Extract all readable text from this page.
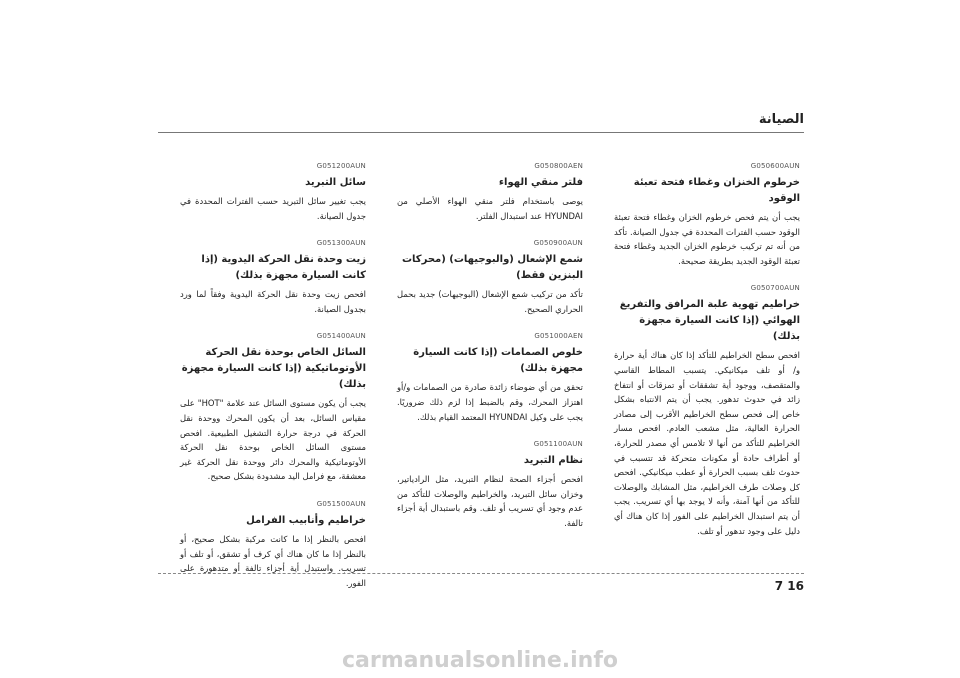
الصيانة
G050600AUN
خرطوم الخنزان وغطاء فتحة تعبئة الوقود
يجب أن يتم فحص خرطوم الخزان وغطاء فتحة تعبئة الوقود حسب الفترات المحددة في جدول الصيانة. تأكد من أنه تم تركيب خرطوم الخزان الجديد وغطاء فتحة تعبئة الوقود الجديد بطريقة صحيحة.
G050700AUN
خراطيم تهوية علبة المرافق والتفريغ الهوائي (إذا كانت السيارة مجهزة بذلك)
افحص سطح الخراطيم للتأكد إذا كان هناك أية حرارة و/ أو تلف ميكانيكي. يتسبب المطاط القاسي والمتقصف، ووجود أية تشققات أو تمزقات أو انتفاخ زائد في حدوث تدهور. يجب أن يتم الانتباه بشكل خاص إلى فحص سطح الخراطيم الأقرب إلى مصادر الحرارة العالية، مثل مشعب العادم. افحص مسار الخراطيم للتأكد من أنها لا تلامس أي مصدر للحرارة، أو أطراف حادة أو مكونات متحركة قد تتسبب في حدوث تلف بسبب الحرارة أو عطب ميكانيكي. افحص كل وصلات طرف الخراطيم، مثل المشابك والوصلات للتأكد من أنها آمنة، وأنه لا يوجد بها أي تسريب. يجب أن يتم استبدال الخراطيم على الفور إذا كان هناك أي دليل على وجود تدهور أو تلف.
G050800AEN
فلتر منقي الهواء
يوصى باستخدام فلتر منقي الهواء الأصلي من HYUNDAI عند استبدال الفلتر.
G050900AUN
شمع الإشعال (والبوجيهات) (محركات البنزين فقط)
تأكد من تركيب شمع الإشعال (البوجيهات) جديد بحمل الحراري الصحيح.
G051000AEN
خلوص الصمامات (إذا كانت السيارة مجهزة بذلك)
تحقق من أي ضوضاء زائدة صادرة من الصمامات و/أو اهتزاز المحرك، وقم بالضبط إذا لزم ذلك ضروريًا. يجب على وكيل HYUNDAI المعتمد القيام بذلك.
G051100AUN
نظام التبريد
افحص أجزاء الصحة لنظام التبريد، مثل الرادياتير، وخزان سائل التبريد، والخراطيم والوصلات للتأكد من عدم وجود أي تسريب أو تلف. وقم باستبدال أية أجزاء تالفة.
G051200AUN
سائل التبريد
يجب تغيير سائل التبريد حسب الفترات المحددة في جدول الصيانة.
G051300AUN
زيت وحدة نقل الحركة اليدوية (إذا كانت السيارة مجهزة بذلك)
افحص زيت وحدة نقل الحركة اليدوية وفقاً لما ورد بجدول الصيانة.
G051400AUN
السائل الخاص بوحدة نقل الحركة الأوتوماتيكية (إذا كانت السيارة مجهزة بذلك)
يجب أن يكون مستوى السائل عند علامة "HOT" على مقياس السائل، بعد أن يكون المحرك ووحدة نقل الحركة في درجة حرارة التشغيل الطبيعية. افحص مستوى السائل الخاص بوحدة نقل الحركة الأوتوماتيكية والمحرك دائر ووحدة نقل الحركة غير معشقة، مع فرامل اليد مشدودة بشكل صحيح.
G051500AUN
خراطيم وأنابيب الفرامل
افحص بالنظر إذا ما كانت مركبة بشكل صحيح، أو بالنظر إذا ما كان هناك أي كرف أو تشقق، أو تلف أو تسريب. واستبدل أية أجزاء تالفة أو متدهورة على الفور.	7 16
carmanualsonline.info
